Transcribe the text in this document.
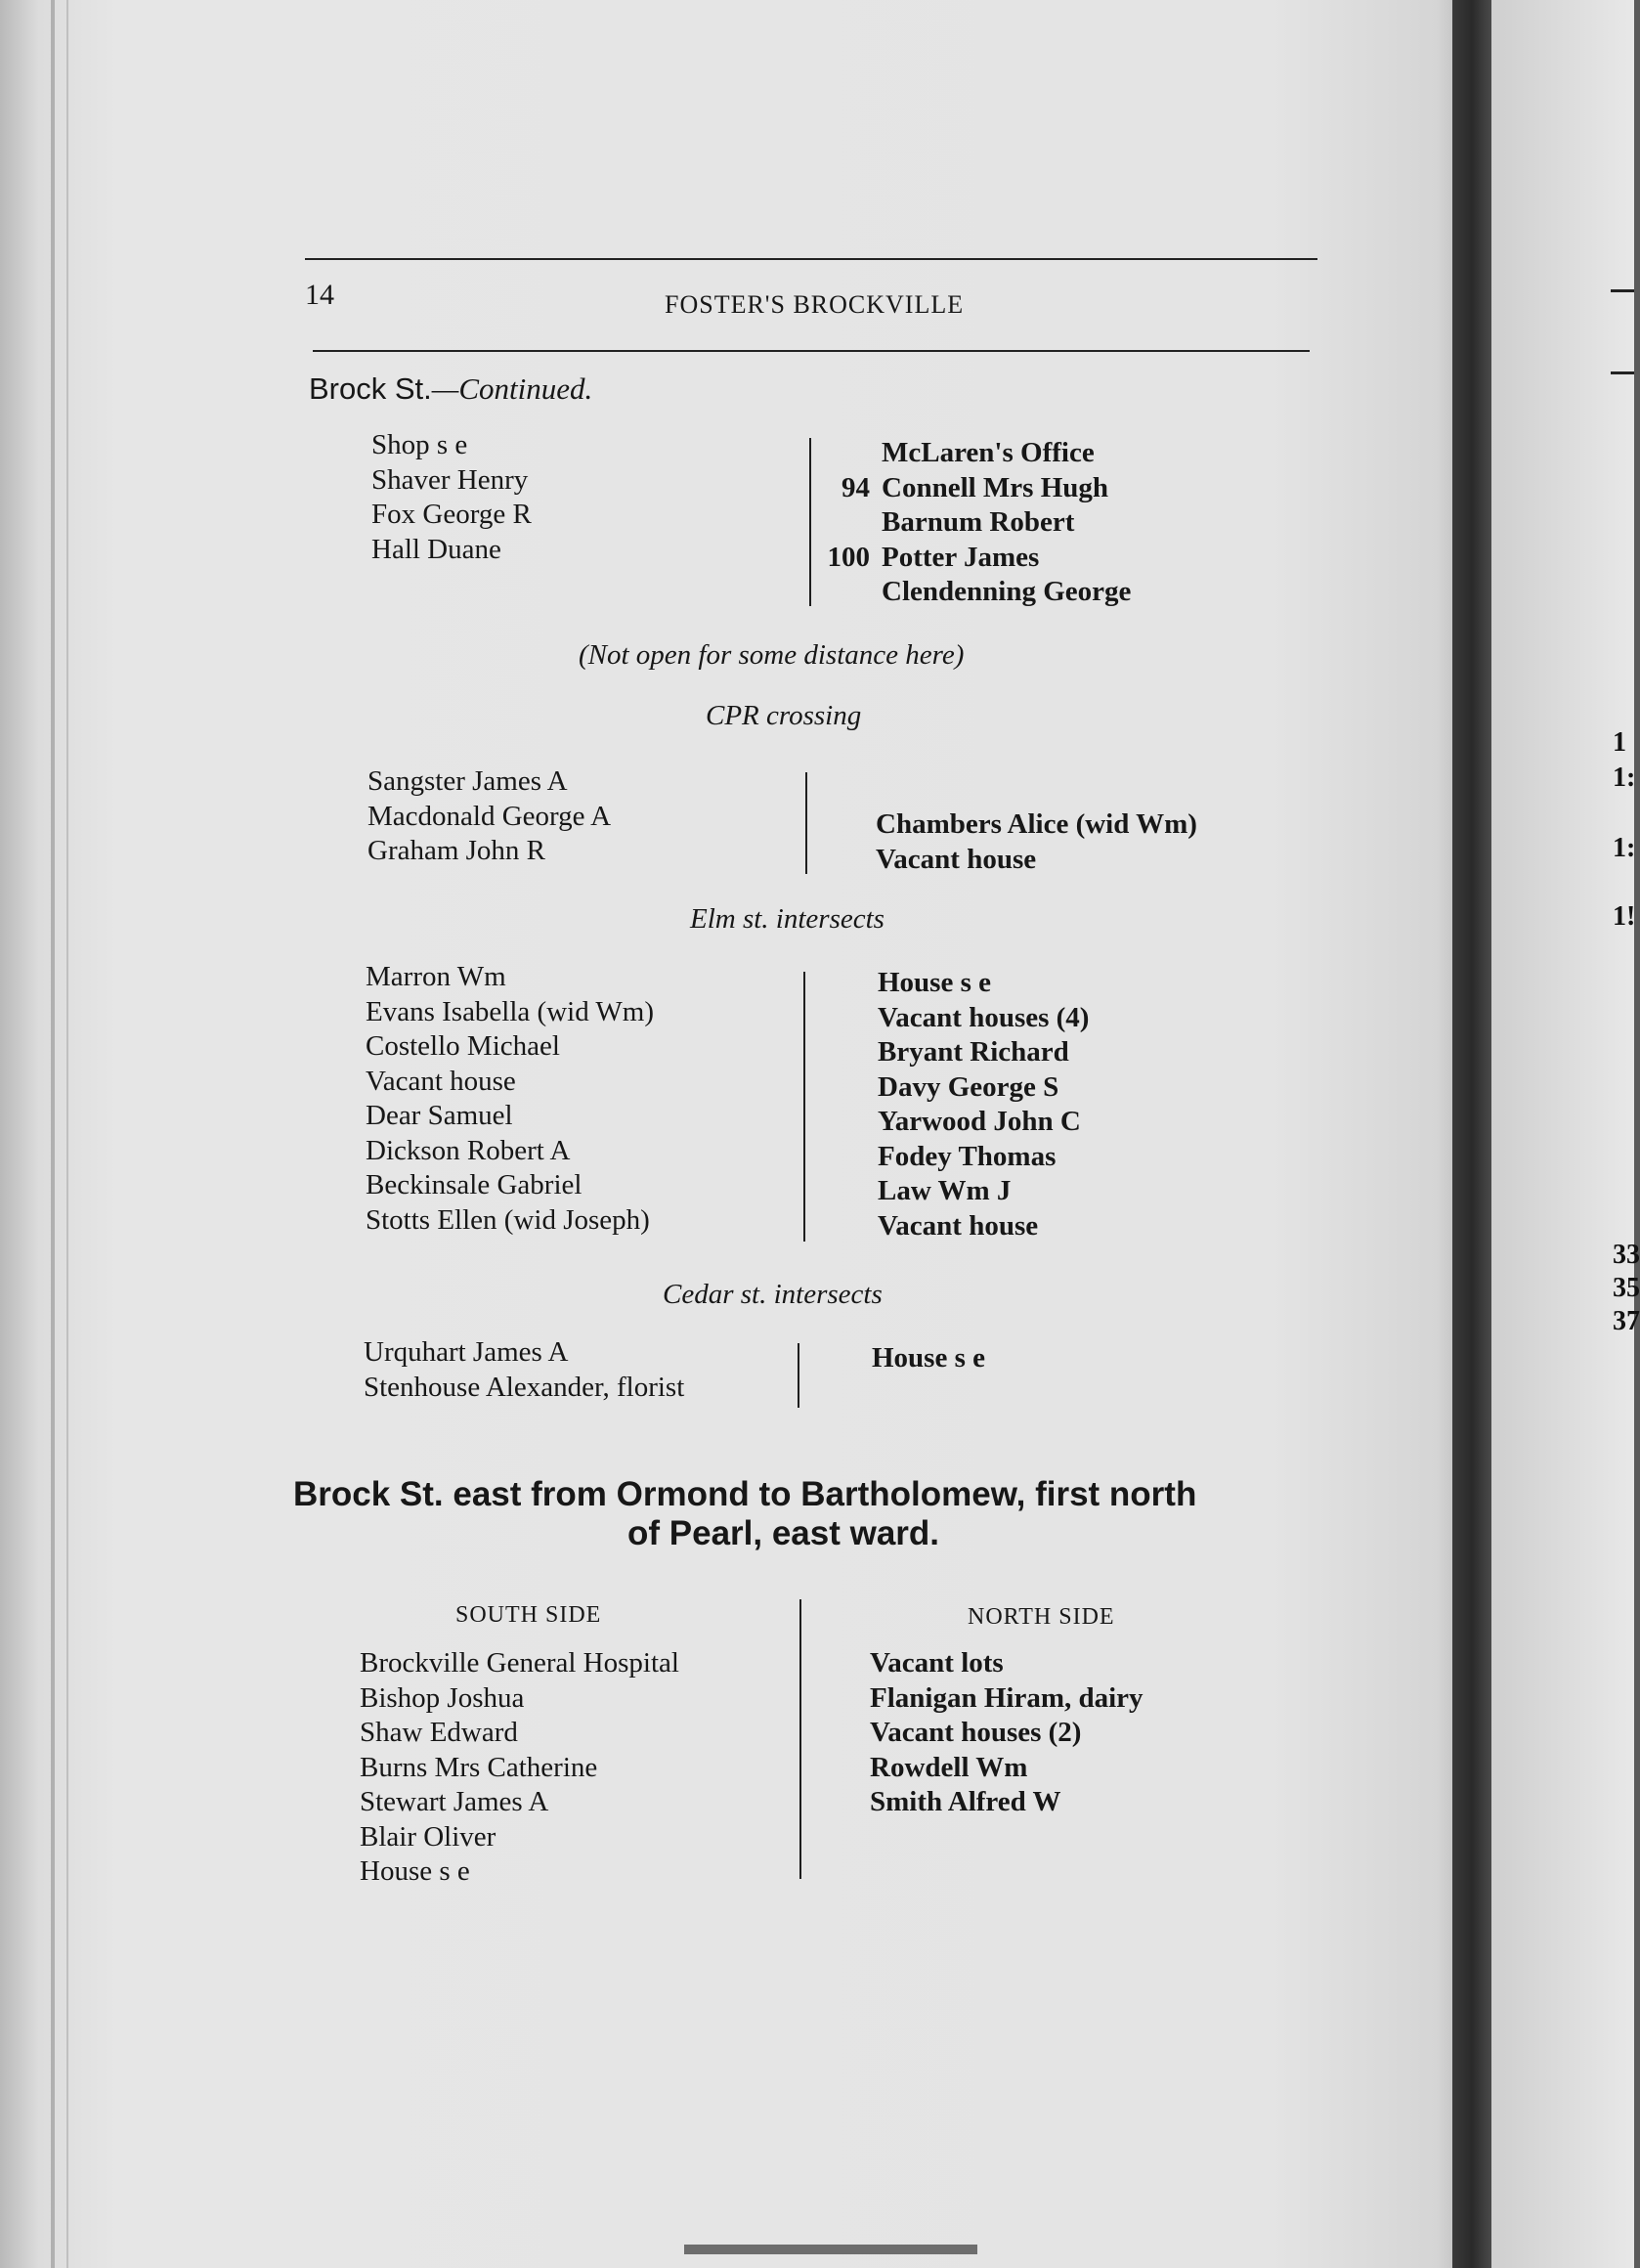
14	FOSTER'S BROCKVILLE
Brock St.—Continued.
Shop s e
Shaver Henry
Fox George R
Hall Duane
McLaren's Office
94 Connell Mrs Hugh
Barnum Robert
100 Potter James
Clendenning George
(Not open for some distance here)
CPR crossing
Sangster James A
Macdonald George A
Graham John R
Chambers Alice (wid Wm)
Vacant house
Elm st. intersects
Marron Wm
Evans Isabella (wid Wm)
Costello Michael
Vacant house
Dear Samuel
Dickson Robert A
Beckinsale Gabriel
Stotts Ellen (wid Joseph)
House s e
Vacant houses (4)
Bryant Richard
Davy George S
Yarwood John C
Fodey Thomas
Law Wm J
Vacant house
Cedar st. intersects
Urquhart James A
Stenhouse Alexander, florist
House s e
Brock St. east from Ormond to Bartholomew, first north
of Pearl, east ward.
SOUTH SIDE	NORTH SIDE
Brockville General Hospital
Bishop Joshua
Shaw Edward
Burns Mrs Catherine
Stewart James A
Blair Oliver
House s e
Vacant lots
Flanigan Hiram, dairy
Vacant houses (2)
Rowdell Wm
Smith Alfred W
1
1:
1:
1!
33
35
37
